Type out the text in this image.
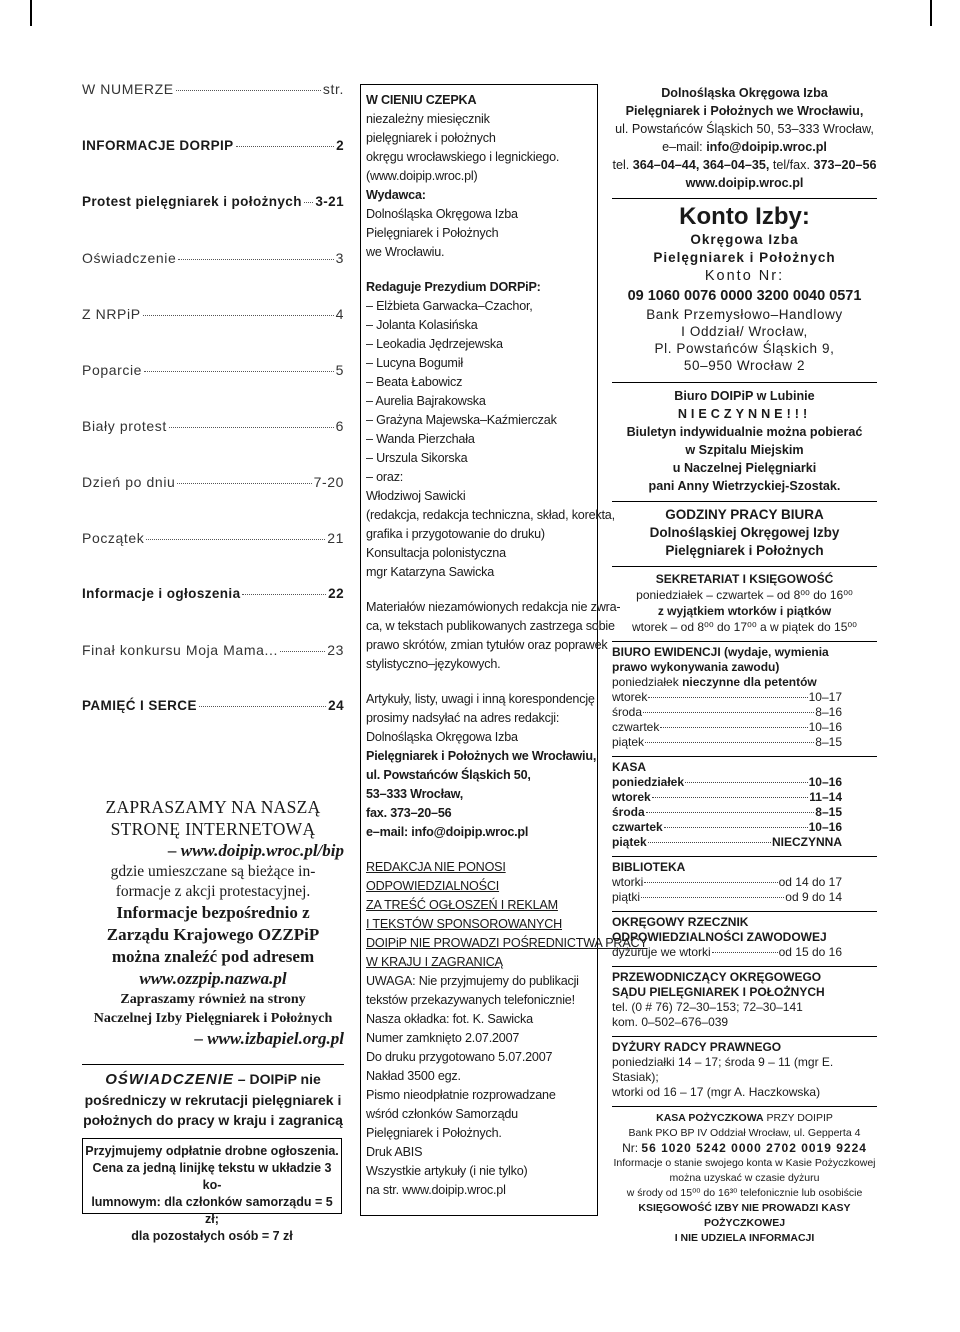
W NUMERZE	str.
INFORMACJE DORPIP	2
Protest pielęgniarek i położnych 3-21
Oświadczenie	3
Z NRPiP	4
Poparcie	5
Biały protest	6
Dzień po dniu	7-20
Początek	21
Informacje i ogłoszenia	22
Finał konkursu Moja Mama...	23
PAMIĘĆ I SERCE	24
ZAPRASZAMY NA NASZĄ
STRONĘ INTERNETOWĄ
– www.doipip.wroc.pl/bip
gdzie umieszczane są bieżące in-
formacje z akcji protestacyjnej.
Informacje bezpośrednio z
Zarządu Krajowego OZZPiP
można znaleźć pod adresem
www.ozzpip.nazwa.pl
Zapraszamy również na strony
Naczelnej Izby Pielęgniarek i Położnych
– www.izbapiel.org.pl
OŚWIADCZENIE – DOIPiP nie
pośredniczy w rekrutacji pielęgniarek i
położnych do pracy w kraju i zagranicą
Przyjmujemy odpłatnie drobne ogłoszenia.
Cena za jedną linijkę tekstu w układzie 3 ko-
lumnowym: dla członków samorządu = 5 zł;
dla pozostałych osób = 7 zł
W CIENIU CZEPKA
niezależny miesięcznik
pielęgniarek i położnych
okręgu wrocławskiego i legnickiego.
(www.doipip.wroc.pl)
Wydawca:
Dolnośląska Okręgowa Izba
Pielęgniarek i Położnych
we Wrocławiu.
Redaguje Prezydium DORPiP:
– Elżbieta Garwacka–Czachor,
– Jolanta Kolasińska
– Leokadia Jędrzejewska
– Lucyna Bogumił
– Beata Łabowicz
– Aurelia Bajrakowska
– Grażyna Majewska–Kaźmierczak
– Wanda Pierzchała
– Urszula Sikorska
– oraz:
Włodziwoj Sawicki
(redakcja, redakcja techniczna, skład, korekta,
grafika i przygotowanie do druku)
Konsultacja polonistyczna
mgr Katarzyna Sawicka
Materiałów niezamówionych redakcja nie zwra-
ca, w tekstach publikowanych zastrzega sobie
prawo skrótów, zmian tytułów oraz poprawek
stylistyczno–językowych.
Artykuły, listy, uwagi i inną korespondencję
prosimy nadsyłać na adres redakcji:
Dolnośląska Okręgowa Izba
Pielęgniarek i Położnych we Wrocławiu,
ul. Powstańców Śląskich 50,
53–333 Wrocław,
fax. 373–20–56
e–mail: info@doipip.wroc.pl
REDAKCJA NIE PONOSI
ODPOWIEDZIALNOŚCI
ZA TREŚĆ OGŁOSZEŃ I REKLAM
I TEKSTÓW SPONSOROWANYCH
DOIPiP NIE PROWADZI POŚREDNICTWA PRACY
W KRAJU I ZAGRANICĄ
UWAGA: Nie przyjmujemy do publikacji
tekstów przekazywanych telefonicznie!
Nasza okładka: fot. K. Sawicka
Numer zamknięto 2.07.2007
Do druku przygotowano 5.07.2007
Nakład 3500 egz.
Pismo nieodpłatnie rozprowadzane
wśród członków Samorządu
Pielęgniarek i Położnych.
Druk ABIS
Wszystkie artykuły (i nie tylko)
na str. www.doipip.wroc.pl
Dolnośląska Okręgowa Izba
Pielęgniarek i Położnych we Wrocławiu,
ul. Powstańców Śląskich 50, 53–333 Wrocław,
e–mail: info@doipip.wroc.pl
tel. 364–04–44, 364–04–35, tel/fax. 373–20–56
www.doipip.wroc.pl
Konto Izby:
Okręgowa Izba
Pielęgniarek i Położnych
Konto Nr:
09 1060 0076 0000 3200 0040 0571
Bank Przemysłowo–Handlowy
I Oddział/ Wrocław,
Pl. Powstańców Śląskich 9,
50–950 Wrocław 2
Biuro DOIPiP w Lubinie
NIECZYNNE!!!
Biuletyn indywidualnie można pobierać
w Szpitalu Miejskim
u Naczelnej Pielęgniarki
pani Anny Wietrzyckiej-Szostak.
GODZINY PRACY BIURA
Dolnośląskiej Okręgowej Izby
Pielęgniarek i Położnych
SEKRETARIAT I KSIĘGOWOŚĆ
poniedziałek – czwartek – od 8⁰⁰ do 16⁰⁰
z wyjątkiem wtorków i piątków
wtorek – od 8⁰⁰ do 17⁰⁰ a w piątek do 15⁰⁰
BIURO EWIDENCJI (wydaje, wymienia
prawo wykonywania zawodu)
poniedziałek nieczynne dla petentów
wtorek	10–17
środa	8–16
czwartek	10–16
piątek	8–15
KASA
poniedziałek	10–16
wtorek	11–14
środa	8–15
czwartek	10–16
piątek	NIECZYNNA
BIBLIOTEKA
wtorki	od 14 do 17
piątki	od 9 do 14
OKRĘGOWY RZECZNIK
ODPOWIEDZIALNOŚCI ZAWODOWEJ
dyżuruje we wtorki	od 15 do 16
PRZEWODNICZĄCY OKRĘGOWEGO
SĄDU PIELĘGNIAREK I POŁOŻNYCH
tel. (0 # 76) 72–30–153; 72–30–141
kom. 0–502–676–039
DYŻURY RADCY PRAWNEGO
poniedziałki 14 – 17; środa 9 – 11 (mgr E. Stasiak);
wtorki od 16 – 17 (mgr A. Haczkowska)
KASA POŻYCZKOWA PRZY DOIPIP
Bank PKO BP IV Oddział Wrocław, ul. Gepperta 4
Nr: 56 1020 5242 0000 2702 0019 9224
Informacje o stanie swojego konta w Kasie Pożyczkowej
można uzyskać w czasie dyżuru
w środy od 15⁰⁰ do 16³⁰ telefonicznie lub osobiście
KSIĘGOWOŚĆ IZBY NIE PROWADZI KASY POŻYCZKOWEJ
I NIE UDZIELA INFORMACJI
